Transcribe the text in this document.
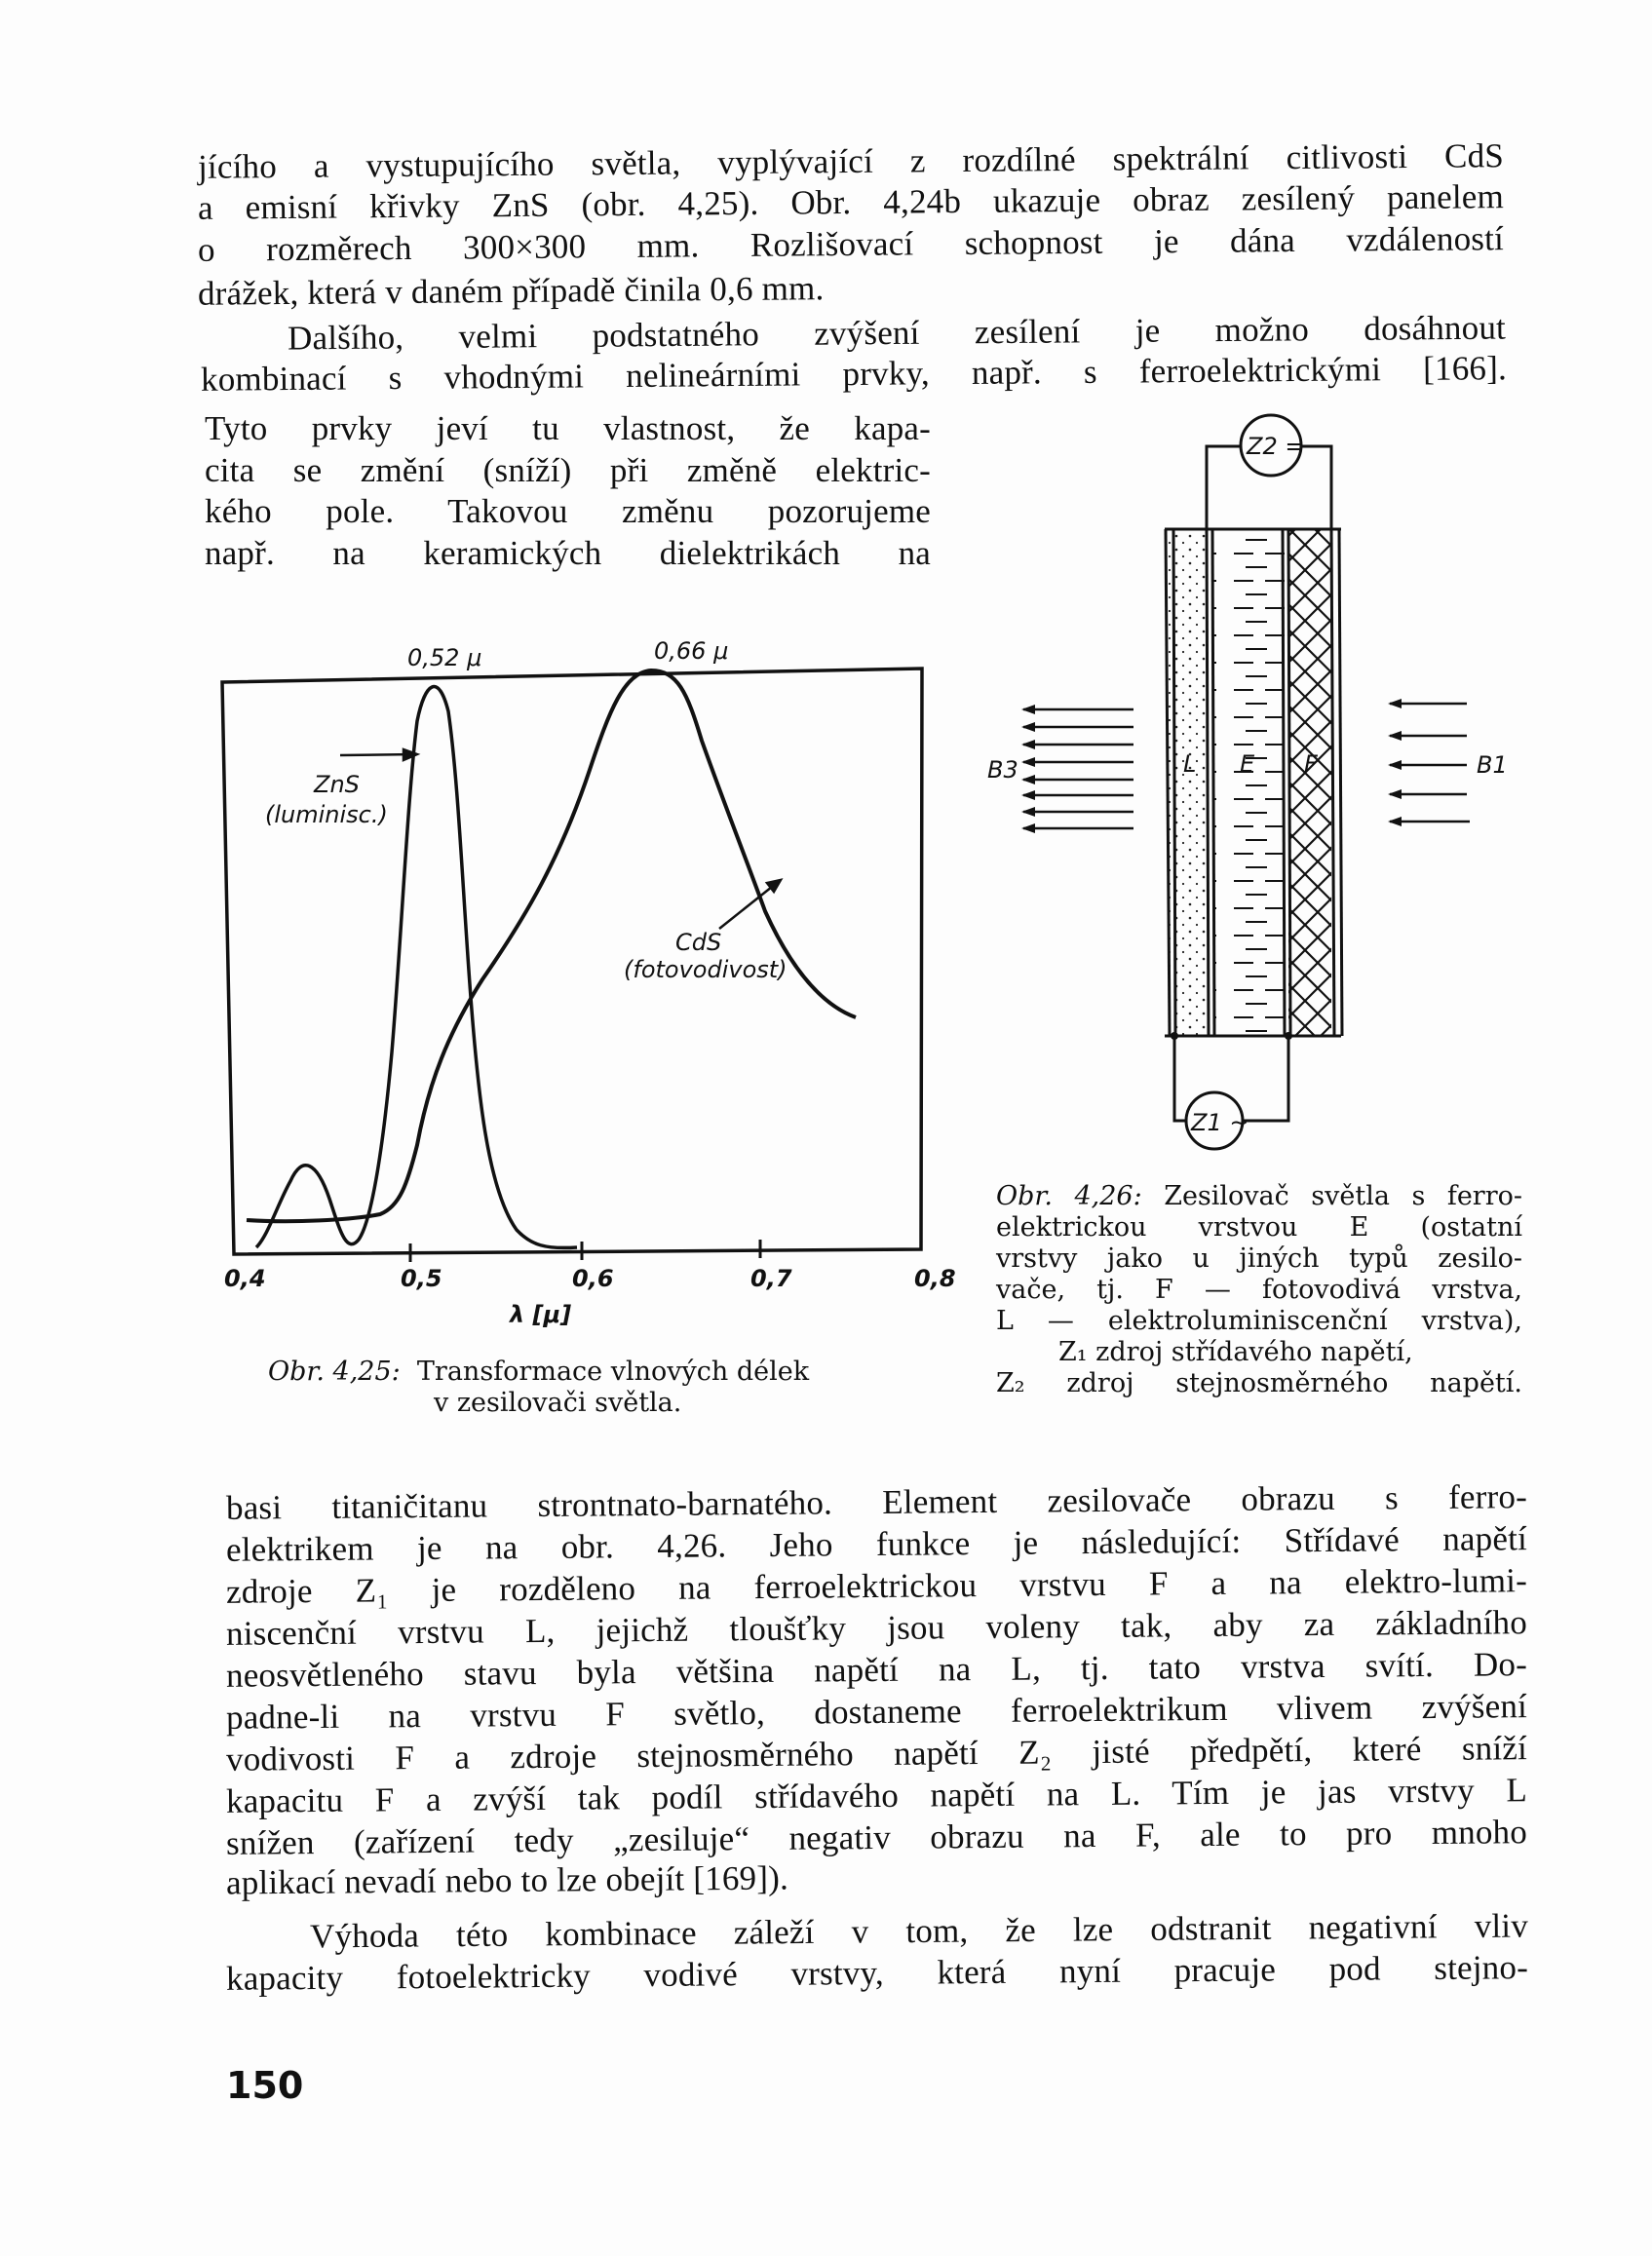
jícího a vystupujícího světla, vyplývající z rozdílné spektrální citlivosti CdS
a emisní křivky ZnS (obr. 4,25). Obr. 4,24b ukazuje obraz zesílený panelem
o rozměrech 300×300 mm. Rozlišovací schopnost je dána vzdáleností
drážek, která v daném případě činila 0,6 mm.
Dalšího, velmi podstatného zvýšení zesílení je možno dosáhnout
kombinací s vhodnými nelineárními prvky, např. s ferroelektrickými [166].
Tyto prvky jeví tu vlastnost, že kapa-
cita se změní (sníží) při změně elektric-
kého pole. Takovou změnu pozorujeme
např. na keramických dielektrikách na
0,52 μ	0,66 μ
ZnS
(luminisc.)
CdS
(fotovodivost)
0,4	0,5	0,6	0,7	0,8
λ [μ]
Obr. 4,25: Transformace vlnových délek
v zesilovači světla.
Z2 =
L E F
Z1 ~
B3	B1
Obr. 4,26: Zesilovač světla s ferro-
elektrickou vrstvou E (ostatní
vrstvy jako u jiných typů zesilo-
vače, tj. F — fotovodivá vrstva,
L — elektroluminiscenční vrstva),
Z₁ zdroj střídavého napětí,
Z₂ zdroj stejnosměrného napětí.
basi titaničitanu strontnato-barnatého. Element zesilovače obrazu s ferro-
elektrikem je na obr. 4,26. Jeho funkce je následující: Střídavé napětí
zdroje Z₁ je rozděleno na ferroelektrickou vrstvu F a na elektro-lumi-
niscenční vrstvu L, jejichž tloušťky jsou voleny tak, aby za základního
neosvětleného stavu byla většina napětí na L, tj. tato vrstva svítí. Do-
padne-li na vrstvu F světlo, dostaneme ferroelektrikum vlivem zvýšení
vodivosti F a zdroje stejnosměrného napětí Z₂ jisté předpětí, které sníží
kapacitu F a zvýší tak podíl střídavého napětí na L. Tím je jas vrstvy L
snížen (zařízení tedy „zesiluje“ negativ obrazu na F, ale to pro mnoho
aplikací nevadí nebo to lze obejít [169]).
Výhoda této kombinace záleží v tom, že lze odstranit negativní vliv
kapacity fotoelektricky vodivé vrstvy, která nyní pracuje pod stejno-
150
